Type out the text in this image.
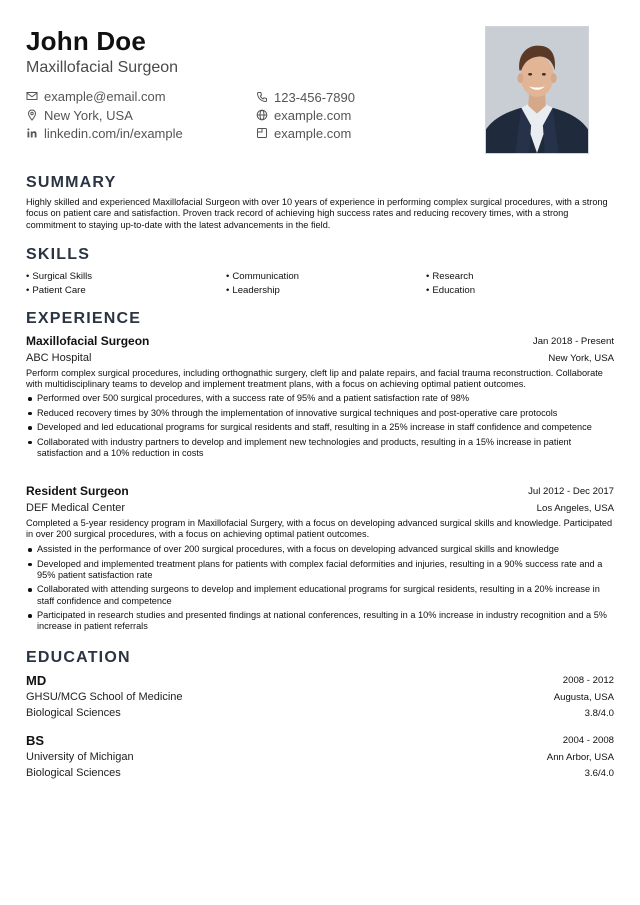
John Doe
Maxillofacial Surgeon
example@email.com	123-456-7890
New York, USA	example.com
linkedin.com/in/example	example.com
SUMMARY
Highly skilled and experienced Maxillofacial Surgeon with over 10 years of experience in performing complex surgical procedures, with a strong focus on patient care and satisfaction. Proven track record of achieving high success rates and reducing recovery times, with a strong commitment to staying up-to-date with the latest advancements in the field.
SKILLS
• Surgical Skills	• Communication	• Research
• Patient Care	• Leadership	• Education
EXPERIENCE
Maxillofacial Surgeon	Jan 2018 - Present
ABC Hospital	New York, USA
Perform complex surgical procedures, including orthognathic surgery, cleft lip and palate repairs, and facial trauma reconstruction. Collaborate with multidisciplinary teams to develop and implement treatment plans, with a focus on achieving optimal patient outcomes.
Performed over 500 surgical procedures, with a success rate of 95% and a patient satisfaction rate of 98%
Reduced recovery times by 30% through the implementation of innovative surgical techniques and post-operative care protocols
Developed and led educational programs for surgical residents and staff, resulting in a 25% increase in staff confidence and competence
Collaborated with industry partners to develop and implement new technologies and products, resulting in a 15% increase in patient satisfaction and a 10% reduction in costs
Resident Surgeon	Jul 2012 - Dec 2017
DEF Medical Center	Los Angeles, USA
Completed a 5-year residency program in Maxillofacial Surgery, with a focus on developing advanced surgical skills and knowledge. Participated in over 200 surgical procedures, with a focus on achieving optimal patient outcomes.
Assisted in the performance of over 200 surgical procedures, with a focus on developing advanced surgical skills and knowledge
Developed and implemented treatment plans for patients with complex facial deformities and injuries, resulting in a 90% success rate and a 95% patient satisfaction rate
Collaborated with attending surgeons to develop and implement educational programs for surgical residents, resulting in a 20% increase in staff confidence and competence
Participated in research studies and presented findings at national conferences, resulting in a 10% increase in industry recognition and a 5% increase in patient referrals
EDUCATION
MD	2008 - 2012
GHSU/MCG School of Medicine	Augusta, USA
Biological Sciences	3.8/4.0
BS	2004 - 2008
University of Michigan	Ann Arbor, USA
Biological Sciences	3.6/4.0
